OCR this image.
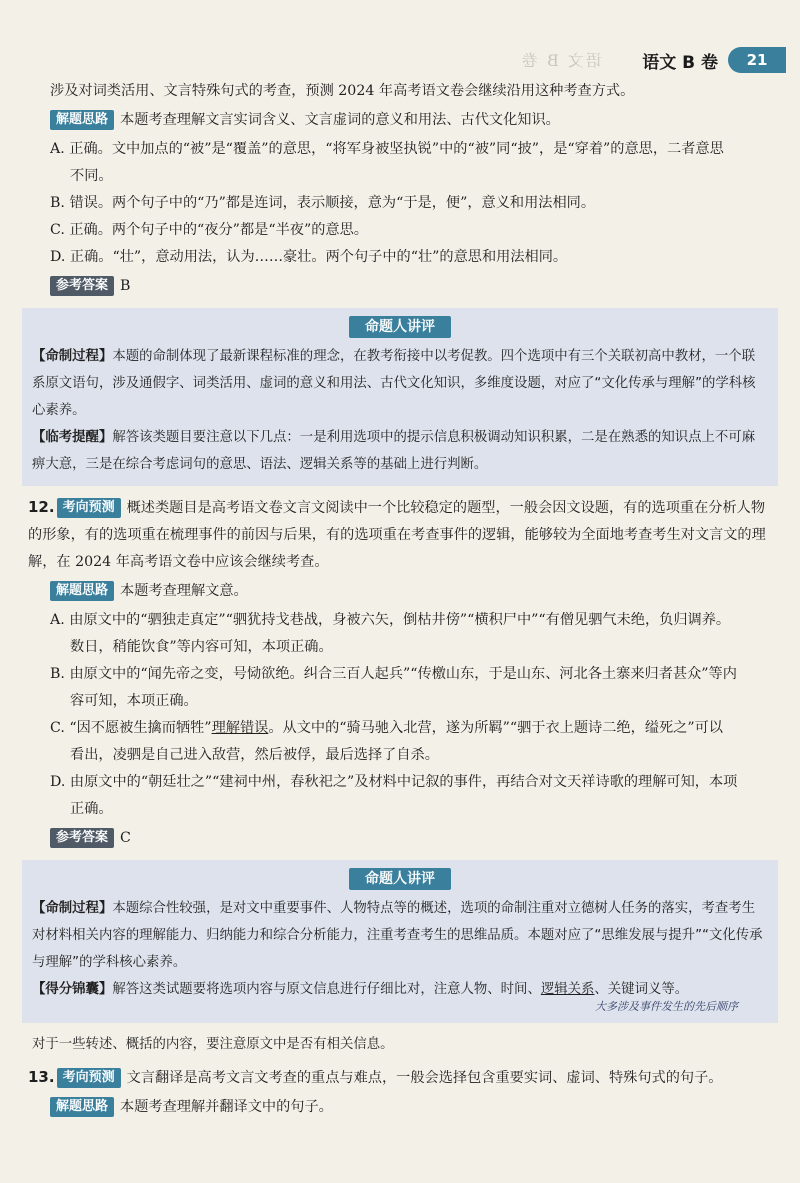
语文 B 卷 语文 B 卷	21

涉及对词类活用、文言特殊句式的考查，预测 2024 年高考语文卷会继续沿用这种考查方式。

解题思路 本题考查理解文言实词含义、文言虚词的意义和用法、古代文化知识。

A. 正确。文中加点的“被”是“覆盖”的意思，“将军身被坚执锐”中的“被”同“披”，是“穿着”的意思，二者意思
不同。

B. 错误。两个句子中的“乃”都是连词，表示顺接，意为“于是，便”，意义和用法相同。

C. 正确。两个句子中的“夜分”都是“半夜”的意思。

D. 正确。“壮”，意动用法，认为……豪壮。两个句子中的“壮”的意思和用法相同。

参考答案 B

命题人讲评

【命制过程】本题的命制体现了最新课程标准的理念，在教考衔接中以考促教。四个选项中有三个关联初高中教材，一个联系原文语句，涉及通假字、词类活用、虚词的意义和用法、古代文化知识，多维度设题，对应了“文化传承与理解”的学科核心素养。

【临考提醒】解答该类题目要注意以下几点：一是利用选项中的提示信息积极调动知识积累，二是在熟悉的知识点上不可麻痹大意，三是在综合考虑词句的意思、语法、逻辑关系等的基础上进行判断。

12. 考向预测 概述类题目是高考语文卷文言文阅读中一个比较稳定的题型，一般会因文设题，有的选项重在分析人物的形象，有的选项重在梳理事件的前因与后果，有的选项重在考查事件的逻辑，能够较为全面地考查考生对文言文的理解，在 2024 年高考语文卷中应该会继续考查。

解题思路 本题考查理解文意。

A. 由原文中的“驷独走真定”“驷犹持戈巷战，身被六矢，倒枯井傍”“横积尸中”“有僧见驷气未绝，负归调养。
数日，稍能饮食”等内容可知，本项正确。

B. 由原文中的“闻先帝之变，号恸欲绝。纠合三百人起兵”“传檄山东，于是山东、河北各土寨来归者甚众”等内
容可知，本项正确。

C. “因不愿被生擒而牺牲”理解错误。从文中的“骑马驰入北营，遂为所羁”“驷于衣上题诗二绝，缢死之”可以
看出，凌驷是自己进入敌营，然后被俘，最后选择了自杀。

D. 由原文中的“朝廷壮之”“建祠中州，春秋祀之”及材料中记叙的事件，再结合对文天祥诗歌的理解可知，本项
正确。

参考答案 C

命题人讲评

【命制过程】本题综合性较强，是对文中重要事件、人物特点等的概述，选项的命制注重对立德树人任务的落实，考查考生对材料相关内容的理解能力、归纳能力和综合分析能力，注重考查考生的思维品质。本题对应了“思维发展与提升”“文化传承与理解”的学科核心素养。

【得分锦囊】解答这类试题要将选项内容与原文信息进行仔细比对，注意人物、时间、逻辑关系、关键词义等。

大多涉及事件发生的先后顺序

对于一些转述、概括的内容，要注意原文中是否有相关信息。

13. 考向预测 文言翻译是高考文言文考查的重点与难点，一般会选择包含重要实词、虚词、特殊句式的句子。

解题思路 本题考查理解并翻译文中的句子。
